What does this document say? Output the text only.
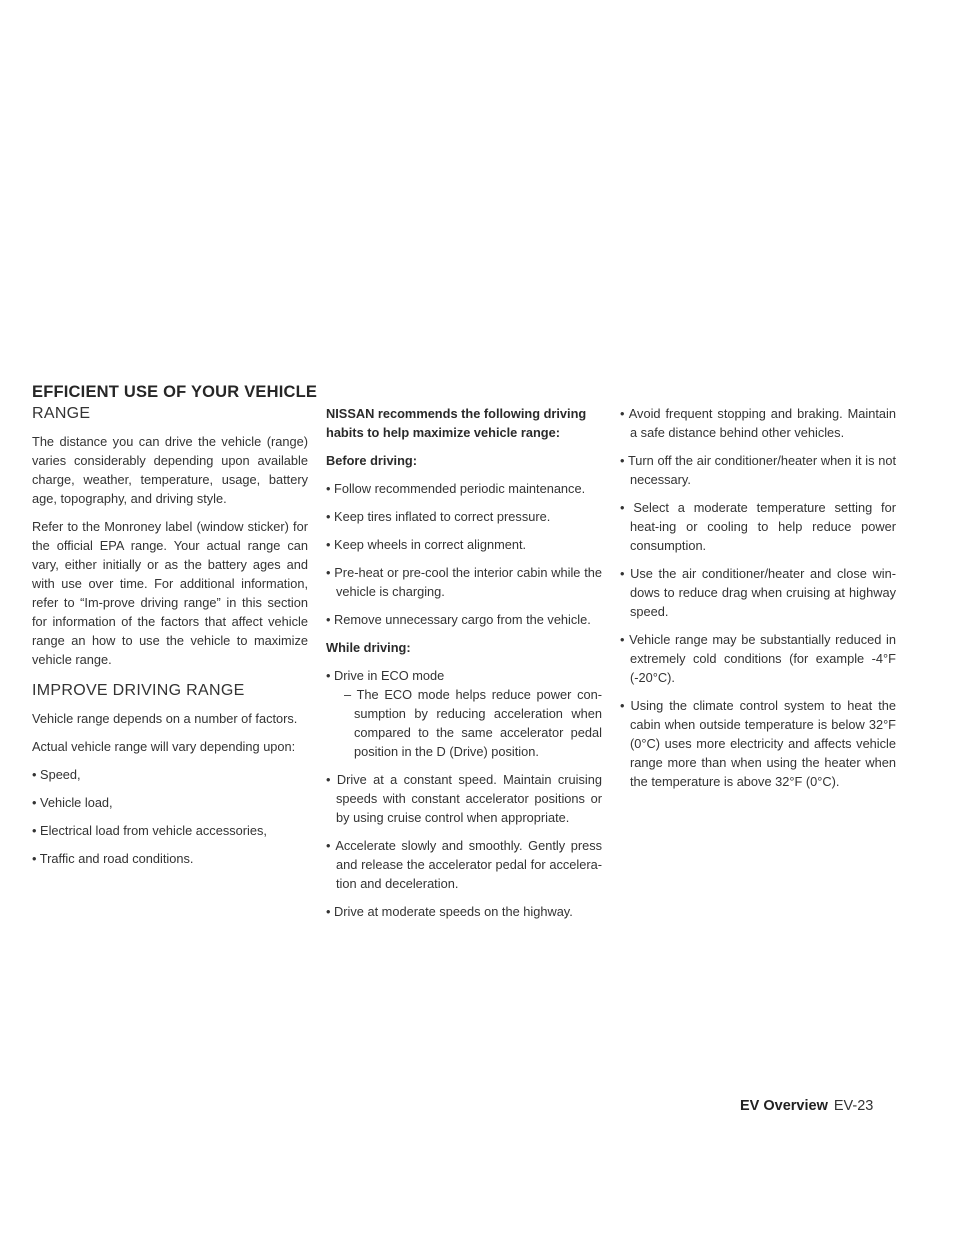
EFFICIENT USE OF YOUR VEHICLE
RANGE

The distance you can drive the vehicle (range) varies considerably depending upon available charge, weather, temperature, usage, battery age, topography, and driving style.

Refer to the Monroney label (window sticker) for the official EPA range. Your actual range can vary, either initially or as the battery ages and with use over time. For additional information, refer to “Im-prove driving range” in this section for information of the factors that affect vehicle range an how to use the vehicle to maximize vehicle range.

IMPROVE DRIVING RANGE

Vehicle range depends on a number of factors.

Actual vehicle range will vary depending upon:

• Speed,

• Vehicle load,

• Electrical load from vehicle accessories,

• Traffic and road conditions.

NISSAN recommends the following driving habits to help maximize vehicle range:

Before driving:

• Follow recommended periodic maintenance.

• Keep tires inflated to correct pressure.

• Keep wheels in correct alignment.

• Pre-heat or pre-cool the interior cabin while the vehicle is charging.

• Remove unnecessary cargo from the vehicle.

While driving:

• Drive in ECO mode

– The ECO mode helps reduce power con-sumption by reducing acceleration when compared to the same accelerator pedal position in the D (Drive) position.

• Drive at a constant speed. Maintain cruising speeds with constant accelerator positions or by using cruise control when appropriate.

• Accelerate slowly and smoothly. Gently press and release the accelerator pedal for accelera-tion and deceleration.

• Drive at moderate speeds on the highway.

• Avoid frequent stopping and braking. Maintain a safe distance behind other vehicles.

• Turn off the air conditioner/heater when it is not necessary.

• Select a moderate temperature setting for heat-ing or cooling to help reduce power consumption.

• Use the air conditioner/heater and close win-dows to reduce drag when cruising at highway speed.

• Vehicle range may be substantially reduced in extremely cold conditions (for example -4°F (-20°C).

• Using the climate control system to heat the cabin when outside temperature is below 32°F (0°C) uses more electricity and affects vehicle range more than when using the heater when the temperature is above 32°F (0°C).

EV Overview EV-23
